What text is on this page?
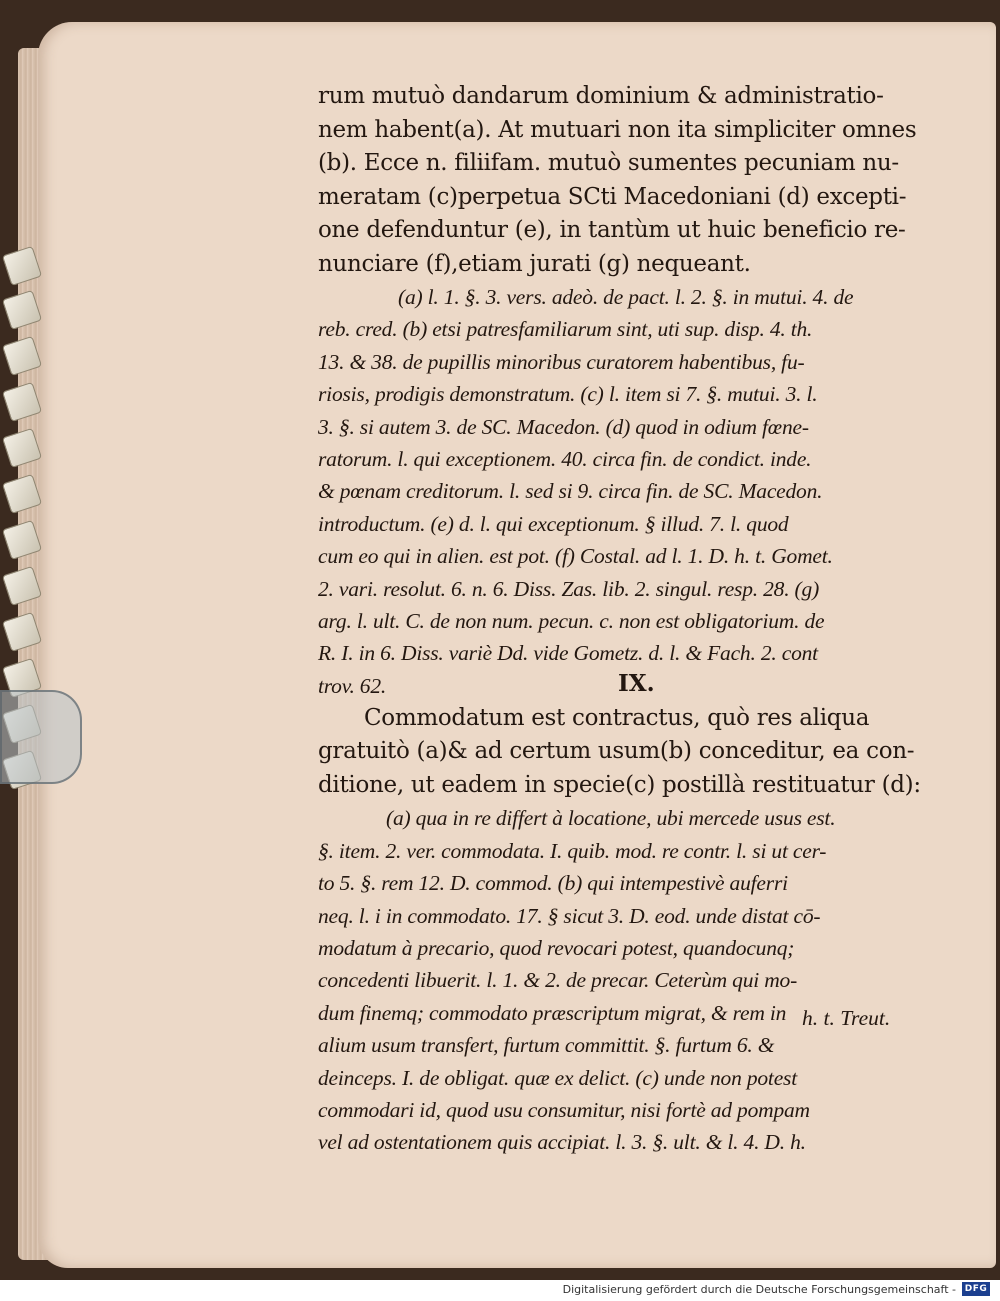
rum mutuò dandarum dominium & administratio-

nem habent(a). At mutuari non ita simpliciter omnes

(b). Ecce n. filiifam. mutuò sumentes pecuniam nu-

meratam (c)perpetua SCti Macedoniani (d) excepti-

one defenduntur (e), in tantùm ut huic beneficio re-

nunciare (f),etiam jurati (g) nequeant.

(a) l. 1. §. 3. vers. adeò. de pact. l. 2. §. in mutui. 4. de

reb. cred. (b) etsi patresfamiliarum sint, uti sup. disp. 4. th.

13. & 38. de pupillis minoribus curatorem habentibus, fu-

riosis, prodigis demonstratum. (c) l. item si 7. §. mutui. 3. l.

3. §. si autem 3. de SC. Macedon. (d) quod in odium fœne-

ratorum. l. qui exceptionem. 40. circa fin. de condict. inde.

& pœnam creditorum. l. sed si 9. circa fin. de SC. Macedon.

introductum. (e) d. l. qui exceptionum. § illud. 7. l. quod

cum eo qui in alien. est pot. (f) Costal. ad l. 1. D. h. t. Gomet.

2. vari. resolut. 6. n. 6. Diss. Zas. lib. 2. singul. resp. 28. (g)

arg. l. ult. C. de non num. pecun. c. non est obligatorium. de

R. I. in 6. Diss. variè Dd. vide Gometz. d. l. & Fach. 2. cont

trov. 62.	IX.

Commodatum est contractus, quò res aliqua

gratuitò (a)& ad certum usum(b) conceditur, ea con-

ditione, ut eadem in specie(c) postillà restituatur (d):

(a) qua in re differt à locatione, ubi mercede usus est.

§. item. 2. ver. commodata. I. quib. mod. re contr. l. si ut cer-

to 5. §. rem 12. D. commod. (b) qui intempestivè auferri

neq. l. i in commodato. 17. § sicut 3. D. eod. unde distat cō-

modatum à precario, quod revocari potest, quandocunq;

concedenti libuerit. l. 1. & 2. de precar. Ceterùm qui mo-

dum finemq; commodato præscriptum migrat, & rem in

alium usum transfert, furtum committit. §. furtum 6. &

deinceps. I. de obligat. quæ ex delict. (c) unde non potest

commodari id, quod usu consumitur, nisi fortè ad pompam

vel ad ostentationem quis accipiat. l. 3. §. ult. & l. 4. D. h.

h. t. Treut.
Digitalisierung gefördert durch die Deutsche Forschungsgemeinschaft - DFG
